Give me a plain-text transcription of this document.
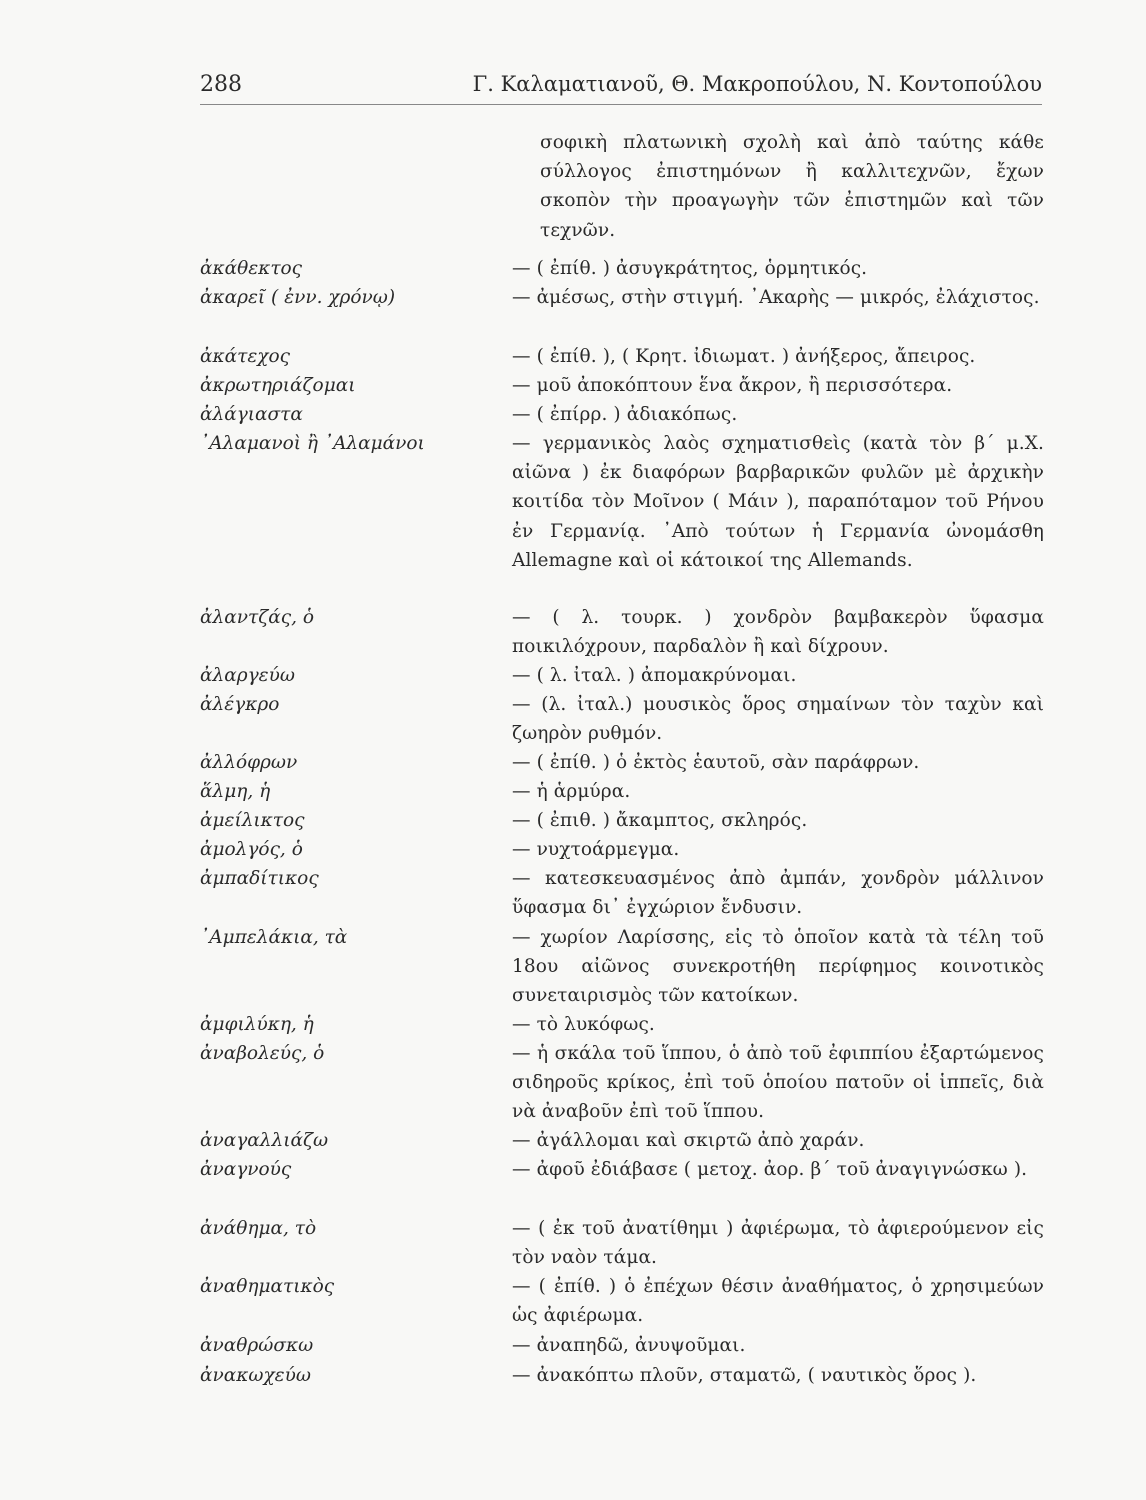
288	Γ. Καλαματιανοῦ, Θ. Μακροπούλου, Ν. Κοντοπούλου
σοφικὴ πλατωνικὴ σχολὴ καὶ ἀπὸ ταύτης κάθε σύλλογος ἐπιστημόνων ἢ καλλιτεχνῶν, ἔχων σκοπὸν τὴν προαγωγὴν τῶν ἐπιστημῶν καὶ τῶν τεχνῶν.
ἀκάθεκτος	— ( ἐπίθ. ) ἀσυγκράτητος, ὁρμητικός.
ἀκαρεῖ ( ἐνν. χρόνῳ)	— ἀμέσως, στὴν στιγμή. ᾿Ακαρὴς — μικρός, ἐλάχιστος.
ἀκάτεχος	— ( ἐπίθ. ), ( Κρητ. ἰδιωματ. ) ἀνήξερος, ἄπειρος.
ἀκρωτηριάζομαι	— μοῦ ἀποκόπτουν ἕνα ἄκρον, ἢ περισσότερα.
ἀλάγιαστα	— ( ἐπίρρ. ) ἀδιακόπως.
᾿Αλαμανοὶ ἢ ᾿Αλαμάνοι	— γερμανικὸς λαὸς σχηματισθεὶς (κατὰ τὸν β΄ μ.Χ. αἰῶνα ) ἐκ διαφόρων βαρβαρικῶν φυλῶν μὲ ἀρχικὴν κοιτίδα τὸν Μοῖνον ( Μάιν ), παραπόταμον τοῦ Ρήνου ἐν Γερμανίᾳ. ᾿Απὸ τούτων ἡ Γερμανία ὠνομάσθη Allemagne καὶ οἱ κάτοικοί της Allemands.
ἀλαντζάς, ὁ	— ( λ. τουρκ. ) χονδρὸν βαμβακερὸν ὕφασμα ποικιλόχρουν, παρδαλὸν ἢ καὶ δίχρουν.
ἀλαργεύω	— ( λ. ἰταλ. ) ἀπομακρύνομαι.
ἀλέγκρο	— (λ. ἰταλ.) μουσικὸς ὅρος σημαίνων τὸν ταχὺν καὶ ζωηρὸν ρυθμόν.
ἀλλόφρων	— ( ἐπίθ. ) ὁ ἐκτὸς ἑαυτοῦ, σὰν παράφρων.
ἅλμη, ἡ	— ἡ ἁρμύρα.
ἀμείλικτος	— ( ἐπιθ. ) ἄκαμπτος, σκληρός.
ἀμολγός, ὁ	— νυχτοάρμεγμα.
ἀμπαδίτικος	— κατεσκευασμένος ἀπὸ ἀμπάν, χονδρὸν μάλλινον ὕφασμα δι᾿ ἐγχώριον ἔνδυσιν.
᾿Αμπελάκια, τὰ	— χωρίον Λαρίσσης, εἰς τὸ ὁποῖον κατὰ τὰ τέλη τοῦ 18ου αἰῶνος συνεκροτήθη περίφημος κοινοτικὸς συνεταιρισμὸς τῶν κατοίκων.
ἀμφιλύκη, ἡ	— τὸ λυκόφως.
ἀναβολεύς, ὁ	— ἡ σκάλα τοῦ ἵππου, ὁ ἀπὸ τοῦ ἐφιππίου ἐξαρτώμενος σιδηροῦς κρίκος, ἐπὶ τοῦ ὁποίου πατοῦν οἱ ἱππεῖς, διὰ νὰ ἀναβοῦν ἐπὶ τοῦ ἵππου.
ἀναγαλλιάζω	— ἀγάλλομαι καὶ σκιρτῶ ἀπὸ χαράν.
ἀναγνούς	— ἀφοῦ ἐδιάβασε ( μετοχ. ἀορ. β΄ τοῦ ἀναγιγνώσκω ).
ἀνάθημα, τὸ	— ( ἐκ τοῦ ἀνατίθημι ) ἀφιέρωμα, τὸ ἀφιερούμενον εἰς τὸν ναὸν τάμα.
ἀναθηματικὸς	— ( ἐπίθ. ) ὁ ἐπέχων θέσιν ἀναθήματος, ὁ χρησιμεύων ὡς ἀφιέρωμα.
ἀναθρώσκω	— ἀναπηδῶ, ἀνυψοῦμαι.
ἀνακωχεύω	— ἀνακόπτω πλοῦν, σταματῶ, ( ναυτικὸς ὅρος ).
